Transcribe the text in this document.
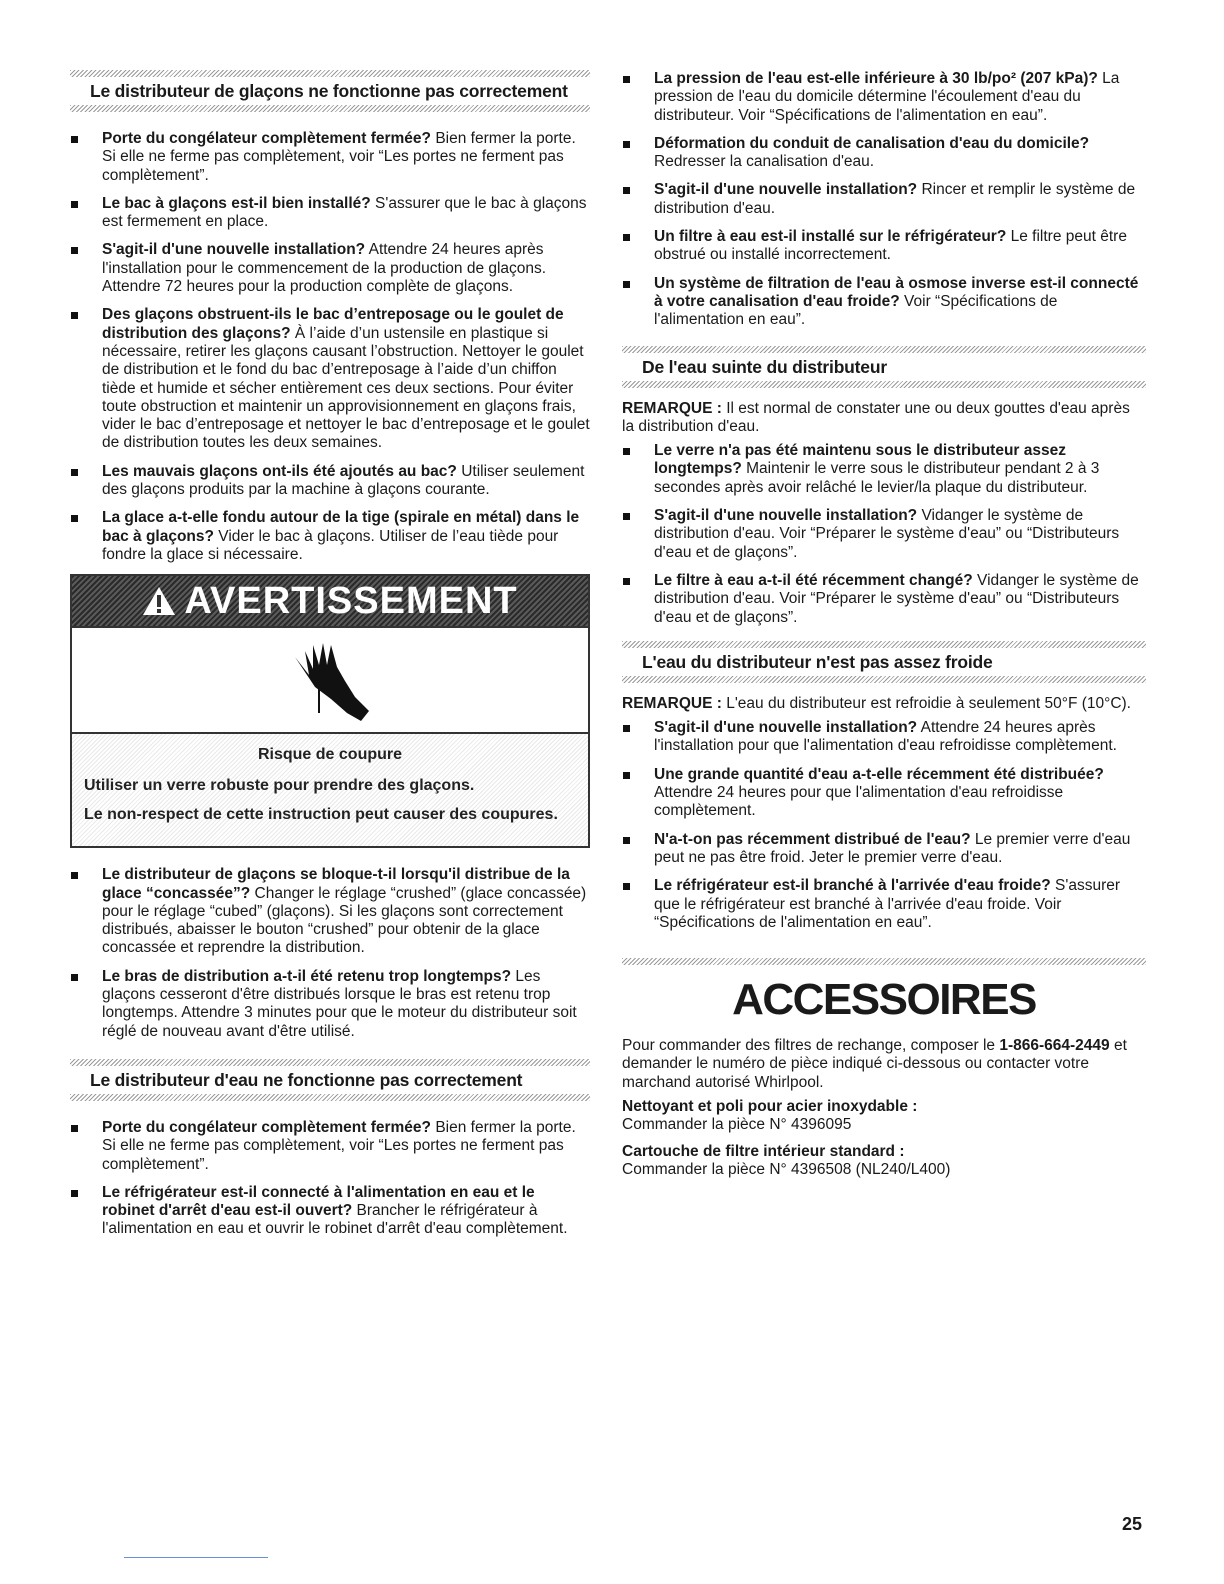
Le distributeur de glaçons ne fonctionne pas correctement
Porte du congélateur complètement fermée? Bien fermer la porte. Si elle ne ferme pas complètement, voir “Les portes ne ferment pas complètement”.
Le bac à glaçons est-il bien installé? S'assurer que le bac à glaçons est fermement en place.
S'agit-il d'une nouvelle installation? Attendre 24 heures après l'installation pour le commencement de la production de glaçons. Attendre 72 heures pour la production complète de glaçons.
Des glaçons obstruent-ils le bac d’entreposage ou le goulet de distribution des glaçons? À l’aide d’un ustensile en plastique si nécessaire, retirer les glaçons causant l’obstruction. Nettoyer le goulet de distribution et le fond du bac d’entreposage à l’aide d’un chiffon tiède et humide et sécher entièrement ces deux sections. Pour éviter toute obstruction et maintenir un approvisionnement en glaçons frais, vider le bac d’entreposage et nettoyer le bac d’entreposage et le goulet de distribution toutes les deux semaines.
Les mauvais glaçons ont-ils été ajoutés au bac? Utiliser seulement des glaçons produits par la machine à glaçons courante.
La glace a-t-elle fondu autour de la tige (spirale en métal) dans le bac à glaçons? Vider le bac à glaçons. Utiliser de l’eau tiède pour fondre la glace si nécessaire.
AVERTISSEMENT
Risque de coupure

Utiliser un verre robuste pour prendre des glaçons.

Le non-respect de cette instruction peut causer des coupures.

Le distributeur de glaçons se bloque-t-il lorsqu'il distribue de la glace “concassée”? Changer le réglage “crushed” (glace concassée) pour le réglage “cubed” (glaçons). Si les glaçons sont correctement distribués, abaisser le bouton “crushed” pour obtenir de la glace concassée et reprendre la distribution.
Le bras de distribution a-t-il été retenu trop longtemps? Les glaçons cesseront d'être distribués lorsque le bras est retenu trop longtemps. Attendre 3 minutes pour que le moteur du distributeur soit réglé de nouveau avant d'être utilisé.
Le distributeur d'eau ne fonctionne pas correctement
Porte du congélateur complètement fermée? Bien fermer la porte. Si elle ne ferme pas complètement, voir “Les portes ne ferment pas complètement”.
Le réfrigérateur est-il connecté à l'alimentation en eau et le robinet d'arrêt d'eau est-il ouvert? Brancher le réfrigérateur à l'alimentation en eau et ouvrir le robinet d'arrêt d'eau complètement.
La pression de l'eau est-elle inférieure à 30 lb/po² (207 kPa)? La pression de l'eau du domicile détermine l'écoulement d'eau du distributeur. Voir “Spécifications de l'alimentation en eau”.
Déformation du conduit de canalisation d'eau du domicile? Redresser la canalisation d'eau.
S'agit-il d'une nouvelle installation? Rincer et remplir le système de distribution d'eau.
Un filtre à eau est-il installé sur le réfrigérateur? Le filtre peut être obstrué ou installé incorrectement.
Un système de filtration de l'eau à osmose inverse est-il connecté à votre canalisation d'eau froide? Voir “Spécifications de l'alimentation en eau”.
De l'eau suinte du distributeur

REMARQUE : Il est normal de constater une ou deux gouttes d'eau après la distribution d'eau.

Le verre n'a pas été maintenu sous le distributeur assez longtemps? Maintenir le verre sous le distributeur pendant 2 à 3 secondes après avoir relâché le levier/la plaque du distributeur.
S'agit-il d'une nouvelle installation? Vidanger le système de distribution d'eau. Voir “Préparer le système d'eau” ou “Distributeurs d'eau et de glaçons”.
Le filtre à eau a-t-il été récemment changé? Vidanger le système de distribution d'eau. Voir “Préparer le système d'eau” ou “Distributeurs d'eau et de glaçons”.
L'eau du distributeur n'est pas assez froide

REMARQUE : L'eau du distributeur est refroidie à seulement 50°F (10°C).

S'agit-il d'une nouvelle installation? Attendre 24 heures après l'installation pour que l'alimentation d'eau refroidisse complètement.
Une grande quantité d'eau a-t-elle récemment été distribuée? Attendre 24 heures pour que l'alimentation d'eau refroidisse complètement.
N'a-t-on pas récemment distribué de l'eau? Le premier verre d'eau peut ne pas être froid. Jeter le premier verre d'eau.
Le réfrigérateur est-il branché à l'arrivée d'eau froide? S'assurer que le réfrigérateur est branché à l'arrivée d'eau froide. Voir “Spécifications de l'alimentation en eau”.
ACCESSOIRES

Pour commander des filtres de rechange, composer le 1-866-664-2449 et demander le numéro de pièce indiqué ci-dessous ou contacter votre marchand autorisé Whirlpool.

Nettoyant et poli pour acier inoxydable :
Commander la pièce N° 4396095
Cartouche de filtre intérieur standard :
Commander la pièce N° 4396508 (NL240/L400)
25
